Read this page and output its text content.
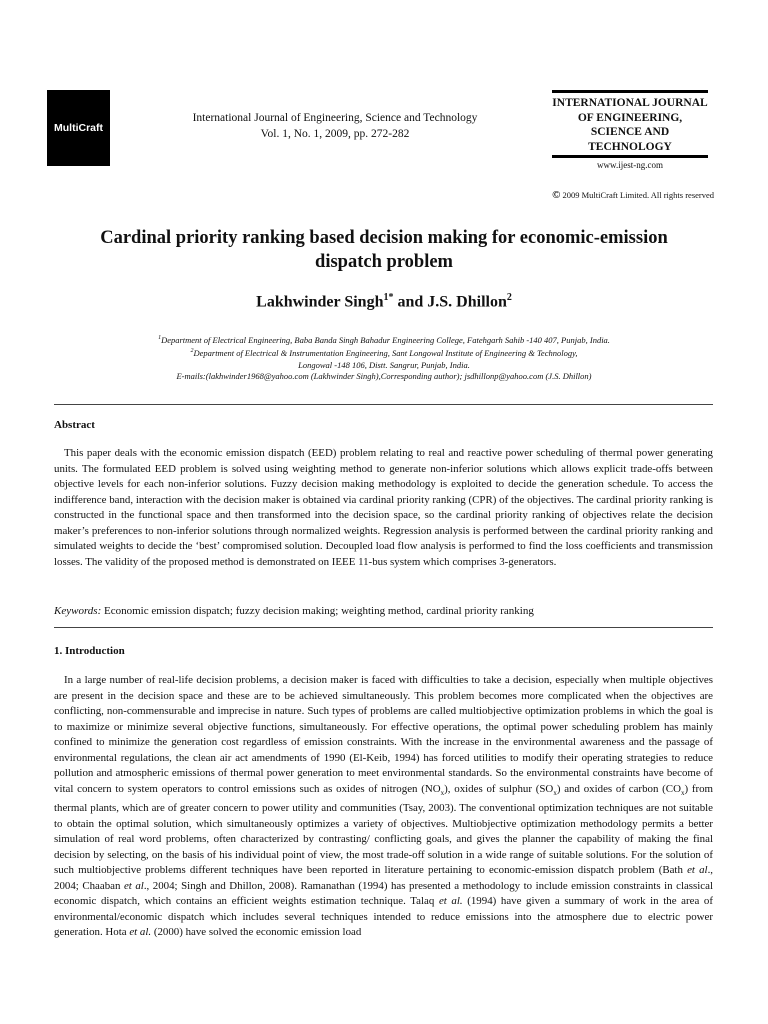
MultiCraft
International Journal of Engineering, Science and Technology
Vol. 1, No. 1, 2009, pp. 272-282
INTERNATIONAL JOURNAL OF ENGINEERING, SCIENCE AND TECHNOLOGY
www.ijest-ng.com
© 2009 MultiCraft Limited. All rights reserved
Cardinal priority ranking based decision making for economic-emission dispatch problem
Lakhwinder Singh$^{1*}$ and J.S. Dhillon$^2$
$^1$Department of Electrical Engineering, Baba Banda Singh Bahadur Engineering College, Fatehgarh Sahib -140 407, Punjab, India.
$^2$Department of Electrical & Instrumentation Engineering, Sant Longowal Institute of Engineering & Technology,
Longowal -148 106, Distt. Sangrur, Punjab, India.
E-mails:(lakhwinder1968@yahoo.com (Lakhwinder Singh),Corresponding author); jsdhillonp@yahoo.com (J.S. Dhillon)
Abstract
This paper deals with the economic emission dispatch (EED) problem relating to real and reactive power scheduling of thermal power generating units. The formulated EED problem is solved using weighting method to generate non-inferior solutions which allows explicit trade-offs between objective levels for each non-inferior solutions. Fuzzy decision making methodology is exploited to decide the generation schedule. To access the indifference band, interaction with the decision maker is obtained via cardinal priority ranking (CPR) of the objectives. The cardinal priority ranking is constructed in the functional space and then transformed into the decision space, so the cardinal priority ranking of objectives relate the decision maker’s preferences to non-inferior solutions through normalized weights. Regression analysis is performed between the cardinal priority ranking and simulated weights to decide the ‘best’ compromised solution. Decoupled load flow analysis is performed to find the loss coefficients and transmission losses. The validity of the proposed method is demonstrated on IEEE 11-bus system which comprises 3-generators.
Keywords: Economic emission dispatch; fuzzy decision making; weighting method, cardinal priority ranking
1. Introduction
In a large number of real-life decision problems, a decision maker is faced with difficulties to take a decision, especially when multiple objectives are present in the decision space and these are to be achieved simultaneously. This problem becomes more complicated when the objectives are conflicting, non-commensurable and imprecise in nature. Such types of problems are called multiobjective optimization problems in which the goal is to maximize or minimize several objective functions, simultaneously. For effective operations, the optimal power scheduling problem has mainly confined to minimize the generation cost regardless of emission constraints. With the increase in the environmental awareness and the passage of environmental regulations, the clean air act amendments of 1990 (El-Keib, 1994) has forced utilities to modify their operating strategies to reduce pollution and atmospheric emissions of thermal power generation to meet environmental standards. So the environmental constraints have become of vital concern to system operators to control emissions such as oxides of nitrogen $(NO_x)$, oxides of sulphur $(SO_x)$ and oxides of carbon $(CO_x)$ from thermal plants, which are of greater concern to power utility and communities (Tsay, 2003). The conventional optimization techniques are not suitable to obtain the optimal solution, which simultaneously optimizes a variety of objectives. Multiobjective optimization methodology permits a better simulation of real word problems, often characterized by contrasting/ conflicting goals, and gives the planner the capability of making the final decision by selecting, on the basis of his individual point of view, the most trade-off solution in a wide range of suitable solutions. For the solution of such multiobjective problems different techniques have been reported in literature pertaining to economic-emission dispatch problem (Bath et al., 2004; Chaaban et al., 2004; Singh and Dhillon, 2008). Ramanathan (1994) has presented a methodology to include emission constraints in classical economic dispatch, which contains an efficient weights estimation technique. Talaq et al. (1994) have given a summary of work in the area of environmental/economic dispatch which includes several techniques intended to reduce emissions into the atmosphere due to electric power generation. Hota et al. (2000) have solved the economic emission load
